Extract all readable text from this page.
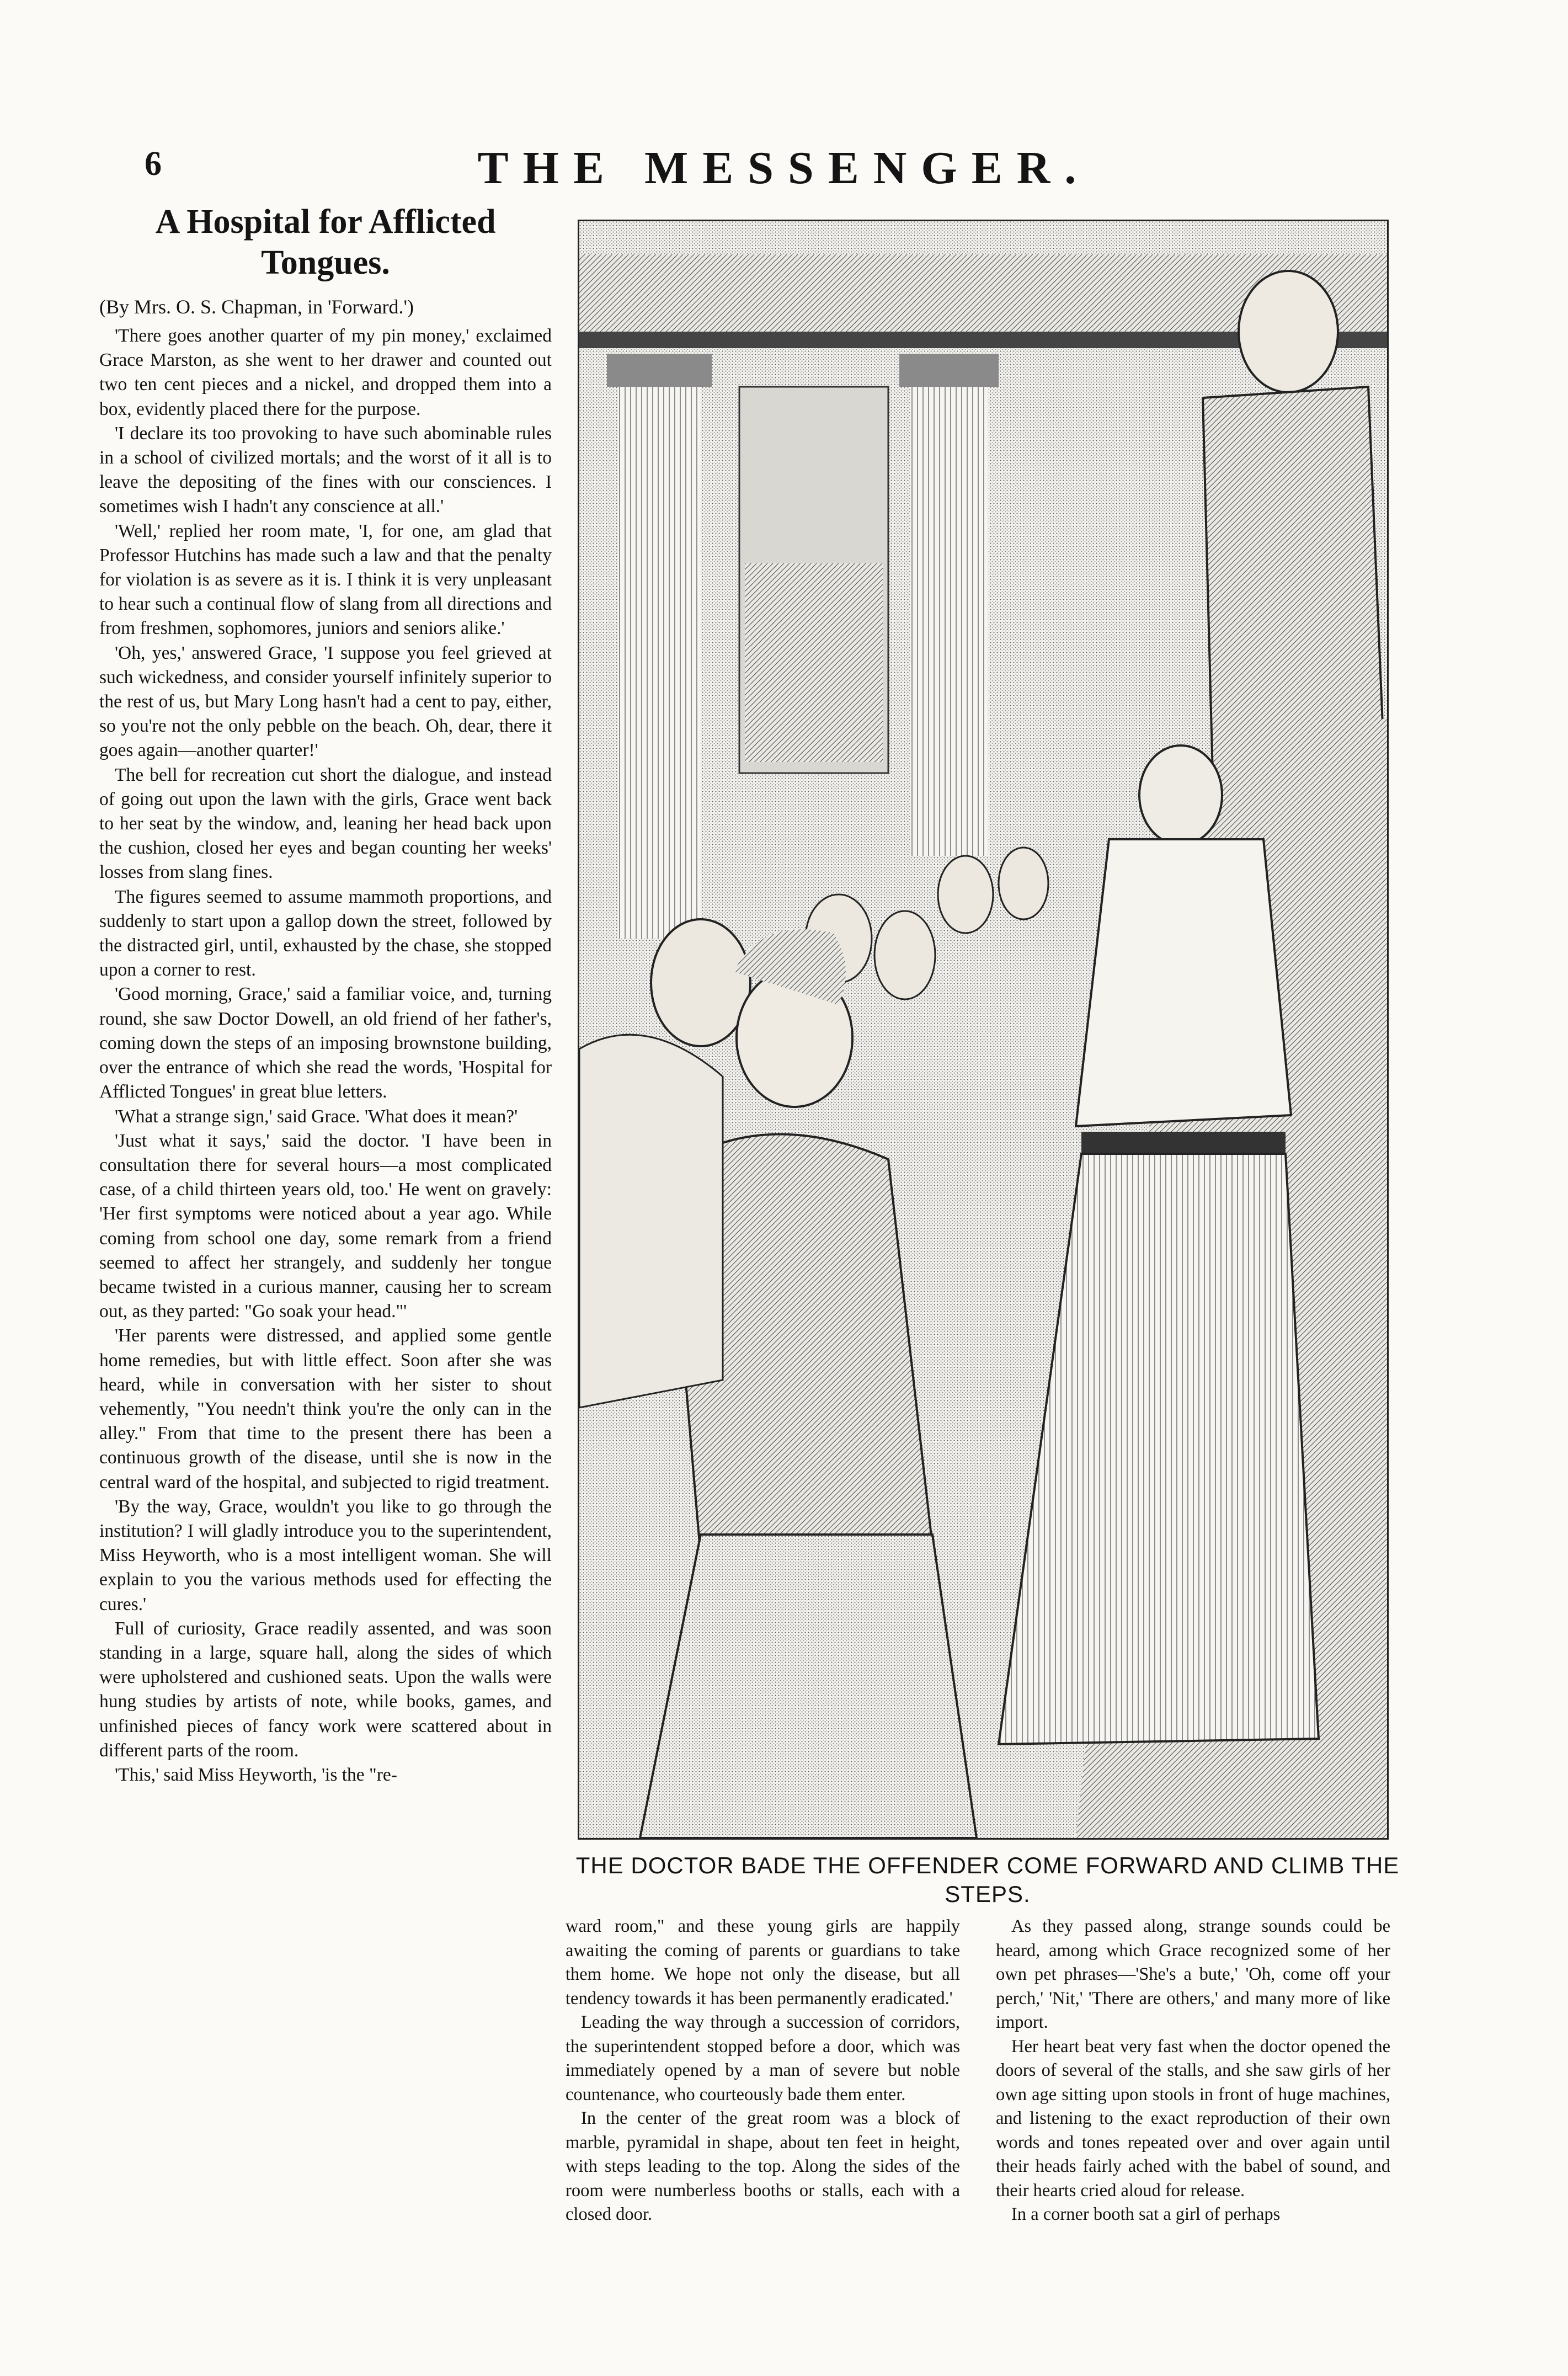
6	THE MESSENGER.
A Hospital for Afflicted Tongues.
(By Mrs. O. S. Chapman, in 'Forward.')

'There goes another quarter of my pin money,' exclaimed Grace Marston, as she went to her drawer and counted out two ten cent pieces and a nickel, and dropped them into a box, evidently placed there for the purpose.

'I declare its too provoking to have such abominable rules in a school of civilized mortals; and the worst of it all is to leave the depositing of the fines with our consciences. I sometimes wish I hadn't any conscience at all.'

'Well,' replied her room mate, 'I, for one, am glad that Professor Hutchins has made such a law and that the penalty for violation is as severe as it is. I think it is very unpleasant to hear such a continual flow of slang from all directions and from freshmen, sophomores, juniors and seniors alike.'

'Oh, yes,' answered Grace, 'I suppose you feel grieved at such wickedness, and consider yourself infinitely superior to the rest of us, but Mary Long hasn't had a cent to pay, either, so you're not the only pebble on the beach. Oh, dear, there it goes again—another quarter!'

The bell for recreation cut short the dialogue, and instead of going out upon the lawn with the girls, Grace went back to her seat by the window, and, leaning her head back upon the cushion, closed her eyes and began counting her weeks' losses from slang fines.

The figures seemed to assume mammoth proportions, and suddenly to start upon a gallop down the street, followed by the distracted girl, until, exhausted by the chase, she stopped upon a corner to rest.

'Good morning, Grace,' said a familiar voice, and, turning round, she saw Doctor Dowell, an old friend of her father's, coming down the steps of an imposing brownstone building, over the entrance of which she read the words, 'Hospital for Afflicted Tongues' in great blue letters.

'What a strange sign,' said Grace. 'What does it mean?'

'Just what it says,' said the doctor. 'I have been in consultation there for several hours—a most complicated case, of a child thirteen years old, too.' He went on gravely: 'Her first symptoms were noticed about a year ago. While coming from school one day, some remark from a friend seemed to affect her strangely, and suddenly her tongue became twisted in a curious manner, causing her to scream out, as they parted: "Go soak your head."'

'Her parents were distressed, and applied some gentle home remedies, but with little effect. Soon after she was heard, while in conversation with her sister to shout vehemently, "You needn't think you're the only can in the alley." From that time to the present there has been a continuous growth of the disease, until she is now in the central ward of the hospital, and subjected to rigid treatment.

'By the way, Grace, wouldn't you like to go through the institution? I will gladly introduce you to the superintendent, Miss Heyworth, who is a most intelligent woman. She will explain to you the various methods used for effecting the cures.'

Full of curiosity, Grace readily assented, and was soon standing in a large, square hall, along the sides of which were upholstered and cushioned seats. Upon the walls were hung studies by artists of note, while books, games, and unfinished pieces of fancy work were scattered about in different parts of the room.

'This,' said Miss Heyworth, 'is the "re-

THE DOCTOR BADE THE OFFENDER COME FORWARD AND CLIMB THE STEPS.

ward room," and these young girls are happily awaiting the coming of parents or guardians to take them home. We hope not only the disease, but all tendency towards it has been permanently eradicated.'

Leading the way through a succession of corridors, the superintendent stopped before a door, which was immediately opened by a man of severe but noble countenance, who courteously bade them enter.

In the center of the great room was a block of marble, pyramidal in shape, about ten feet in height, with steps leading to the top. Along the sides of the room were numberless booths or stalls, each with a closed door.

As they passed along, strange sounds could be heard, among which Grace recognized some of her own pet phrases—'She's a bute,' 'Oh, come off your perch,' 'Nit,' 'There are others,' and many more of like import.

Her heart beat very fast when the doctor opened the doors of several of the stalls, and she saw girls of her own age sitting upon stools in front of huge machines, and listening to the exact reproduction of their own words and tones repeated over and over again until their heads fairly ached with the babel of sound, and their hearts cried aloud for release.

In a corner booth sat a girl of perhaps
